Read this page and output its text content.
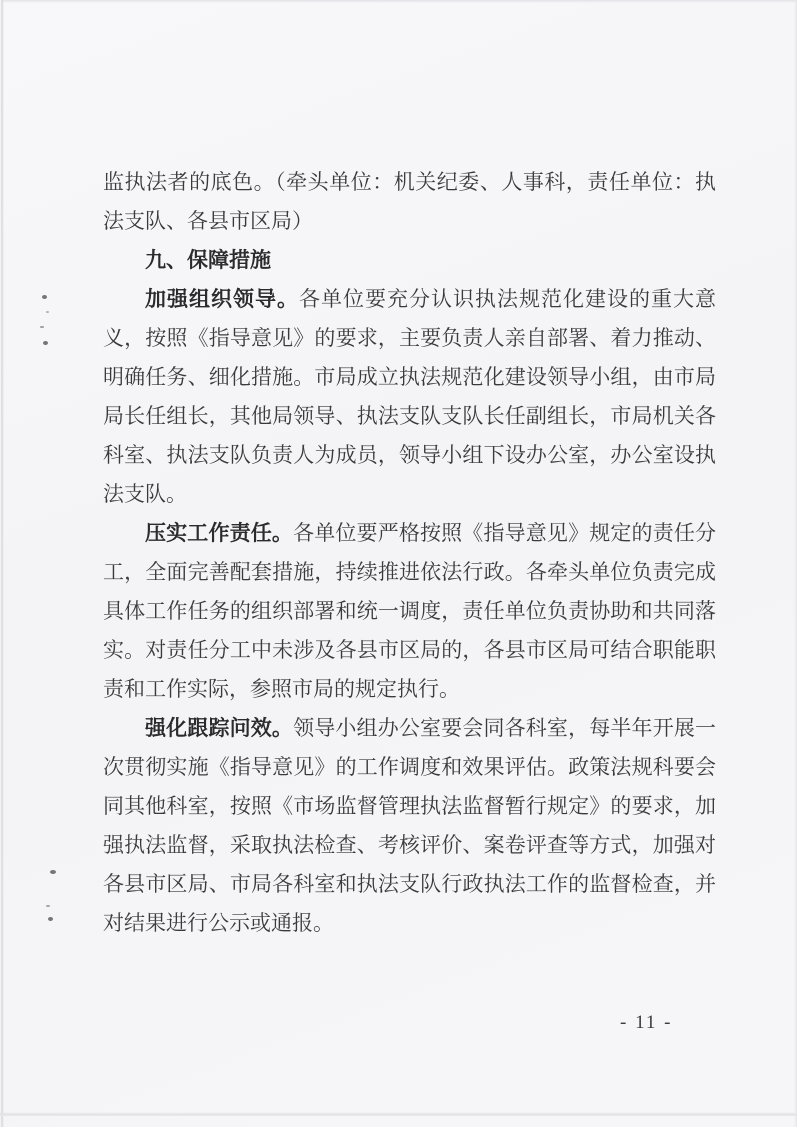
监执法者的底色。（牵头单位：机关纪委、人事科，责任单位：执法支队、各县市区局）

九、保障措施

加强组织领导。各单位要充分认识执法规范化建设的重大意义，按照《指导意见》的要求，主要负责人亲自部署、着力推动、明确任务、细化措施。市局成立执法规范化建设领导小组，由市局局长任组长，其他局领导、执法支队支队长任副组长，市局机关各科室、执法支队负责人为成员，领导小组下设办公室，办公室设执法支队。

压实工作责任。各单位要严格按照《指导意见》规定的责任分工，全面完善配套措施，持续推进依法行政。各牵头单位负责完成具体工作任务的组织部署和统一调度，责任单位负责协助和共同落实。对责任分工中未涉及各县市区局的，各县市区局可结合职能职责和工作实际，参照市局的规定执行。

强化跟踪问效。领导小组办公室要会同各科室，每半年开展一次贯彻实施《指导意见》的工作调度和效果评估。政策法规科要会同其他科室，按照《市场监督管理执法监督暂行规定》的要求，加强执法监督，采取执法检查、考核评价、案卷评查等方式，加强对各县市区局、市局各科室和执法支队行政执法工作的监督检查，并对结果进行公示或通报。

- 11 -
